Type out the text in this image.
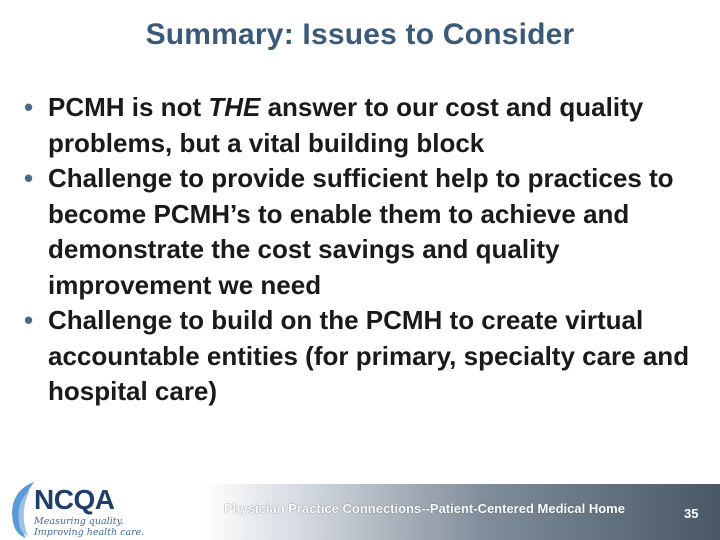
Summary: Issues to Consider
• PCMH is not THE answer to our cost and quality problems, but a vital building block
• Challenge to provide sufficient help to practices to become PCMH’s to enable them to achieve and demonstrate the cost savings and quality improvement we need
• Challenge to build on the PCMH to create virtual accountable entities (for primary, specialty care and hospital care)
NCQA
Measuring quality.
Improving health care.
Physician Practice Connections--Patient-Centered Medical Home	35
